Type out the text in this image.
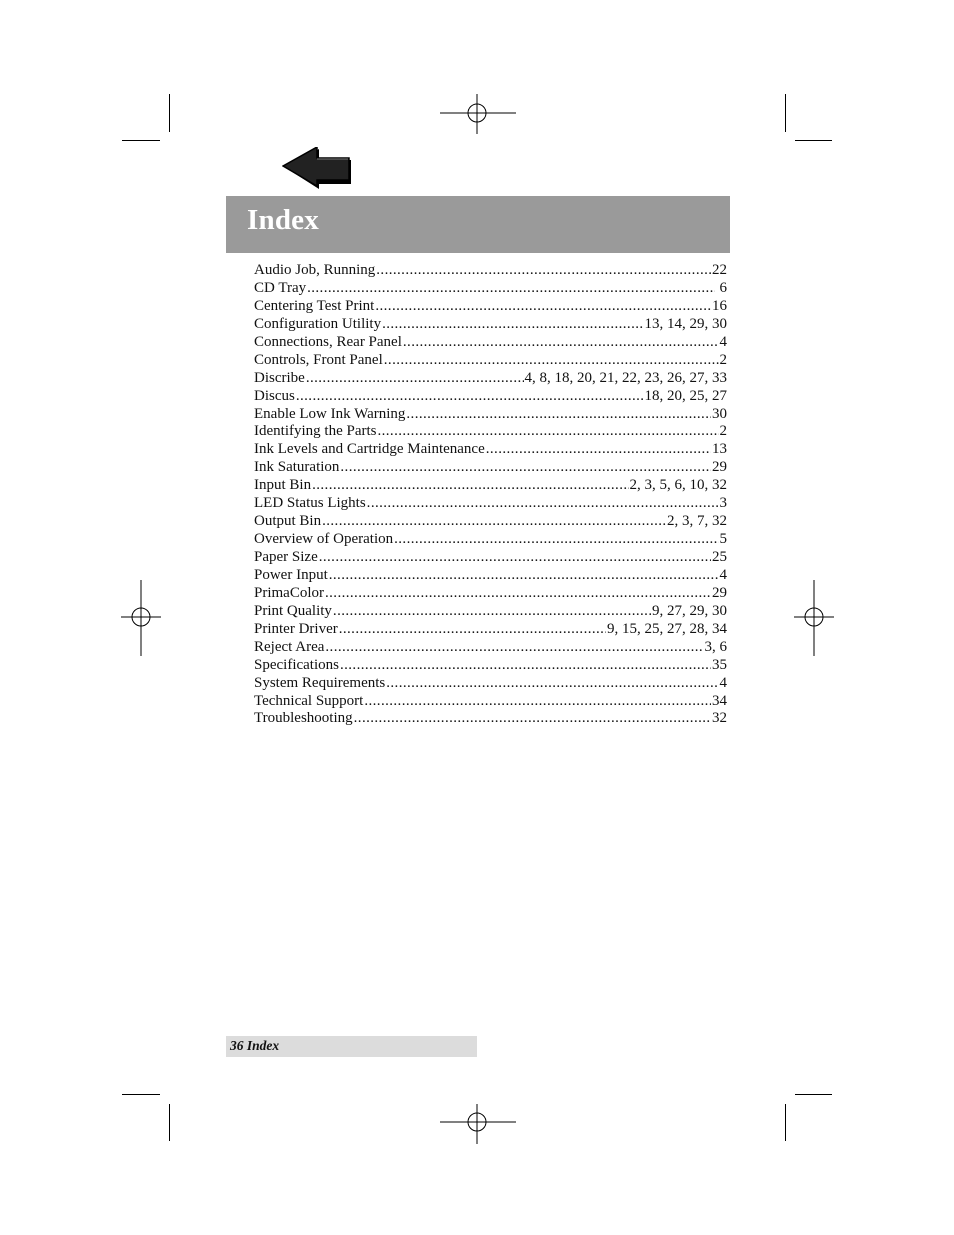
Index
Audio Job, Running .....	22
CD Tray .....	6
Centering Test Print .....	16
Configuration Utility .....	13, 14, 29, 30
Connections, Rear Panel .....	4
Controls, Front Panel .....	2
Discribe .....	4, 8, 18, 20, 21, 22, 23, 26, 27, 33
Discus .....	18, 20, 25, 27
Enable Low Ink Warning .....	30
Identifying the Parts .....	2
Ink Levels and Cartridge Maintenance .....	13
Ink Saturation .....	29
Input Bin .....	2, 3, 5, 6, 10, 32
LED Status Lights .....	3
Output Bin .....	2, 3, 7, 32
Overview of Operation .....	5
Paper Size .....	25
Power Input .....	4
PrimaColor .....	29
Print Quality .....	9, 27, 29, 30
Printer Driver .....	9, 15, 25, 27, 28, 34
Reject Area .....	3, 6
Specifications .....	35
System Requirements .....	4
Technical Support .....	34
Troubleshooting .....	32
36 Index
